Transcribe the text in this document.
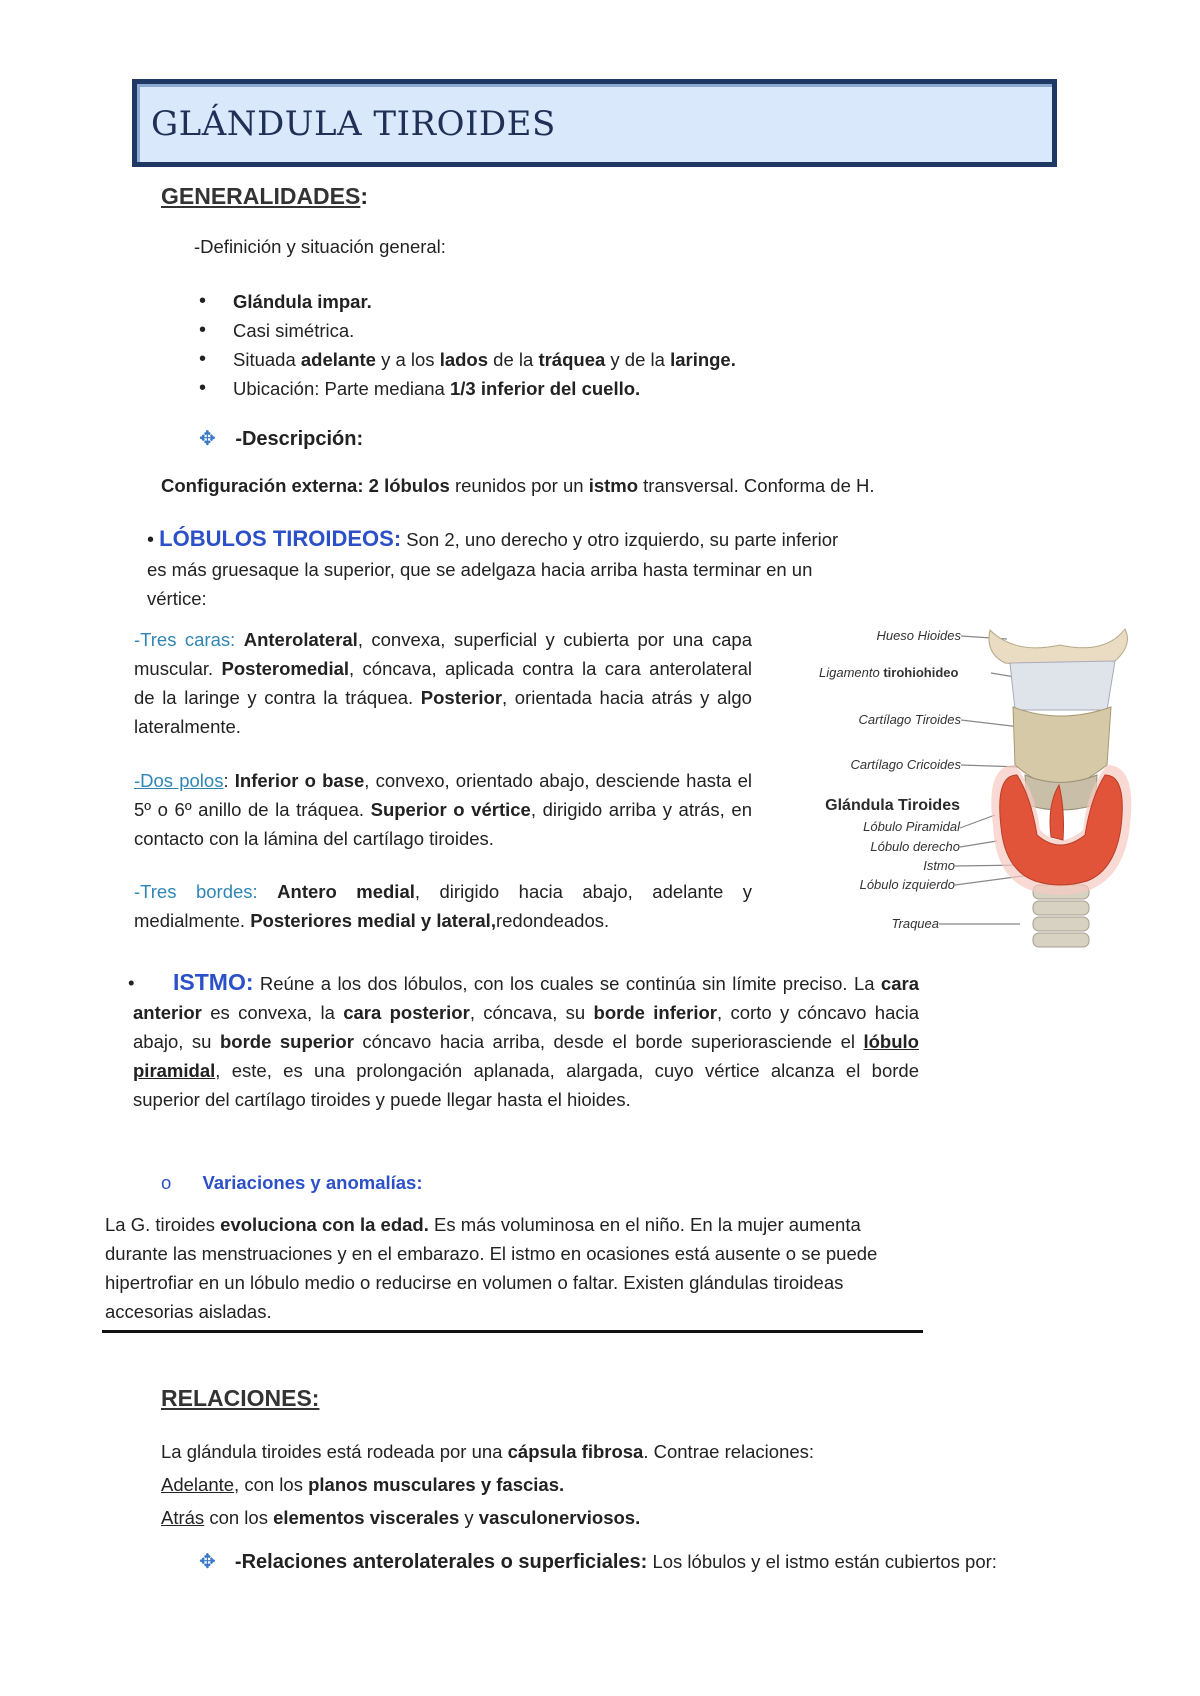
GLÁNDULA TIROIDES
GENERALIDADES:
-Definición y situación general:
• Glándula impar.
• Casi simétrica.
• Situada adelante y a los lados de la tráquea y de la laringe.
• Ubicación: Parte mediana 1/3 inferior del cuello.
✥ -Descripción:
Configuración externa: 2 lóbulos reunidos por un istmo transversal. Conforma de H.
• LÓBULOS TIROIDEOS: Son 2, uno derecho y otro izquierdo, su parte inferior
es más gruesaque la superior, que se adelgaza hacia arriba hasta terminar en un
vértice:
-Tres caras: Anterolateral, convexa, superficial y cubierta por una capa muscular. Posteromedial, cóncava, aplicada contra la cara anterolateral de la laringe y contra la tráquea. Posterior, orientada hacia atrás y algo lateralmente.
-Dos polos: Inferior o base, convexo, orientado abajo, desciende hasta el 5º o 6º anillo de la tráquea. Superior o vértice, dirigido arriba y atrás, en contacto con la lámina del cartílago tiroides.
-Tres bordes: Antero medial, dirigido hacia abajo, adelante y medialmente. Posteriores medial y lateral,redondeados.
Hueso Hioides
Ligamento tirohiohideo
Cartílago Tiroides
Cartílago Cricoides
Glándula Tiroides
Lóbulo Piramidal
Lóbulo derecho
Istmo
Lóbulo izquierdo
Traquea
• ISTMO: Reúne a los dos lóbulos, con los cuales se continúa sin límite preciso. La cara anterior es convexa, la cara posterior, cóncava, su borde inferior, corto y cóncavo hacia abajo, su borde superior cóncavo hacia arriba, desde el borde superiorasciende el lóbulo piramidal, este, es una prolongación aplanada, alargada, cuyo vértice alcanza el borde superior del cartílago tiroides y puede llegar hasta el hioides.
o Variaciones y anomalías:
La G. tiroides evoluciona con la edad. Es más voluminosa en el niño. En la mujer aumenta durante las menstruaciones y en el embarazo. El istmo en ocasiones está ausente o se puede hipertrofiar en un lóbulo medio o reducirse en volumen o faltar. Existen glándulas tiroideas accesorias aisladas.
RELACIONES:
La glándula tiroides está rodeada por una cápsula fibrosa. Contrae relaciones:
Adelante, con los planos musculares y fascias.
Atrás con los elementos viscerales y vasculonerviosos.
✥ -Relaciones anterolaterales o superficiales: Los lóbulos y el istmo están cubiertos por:
